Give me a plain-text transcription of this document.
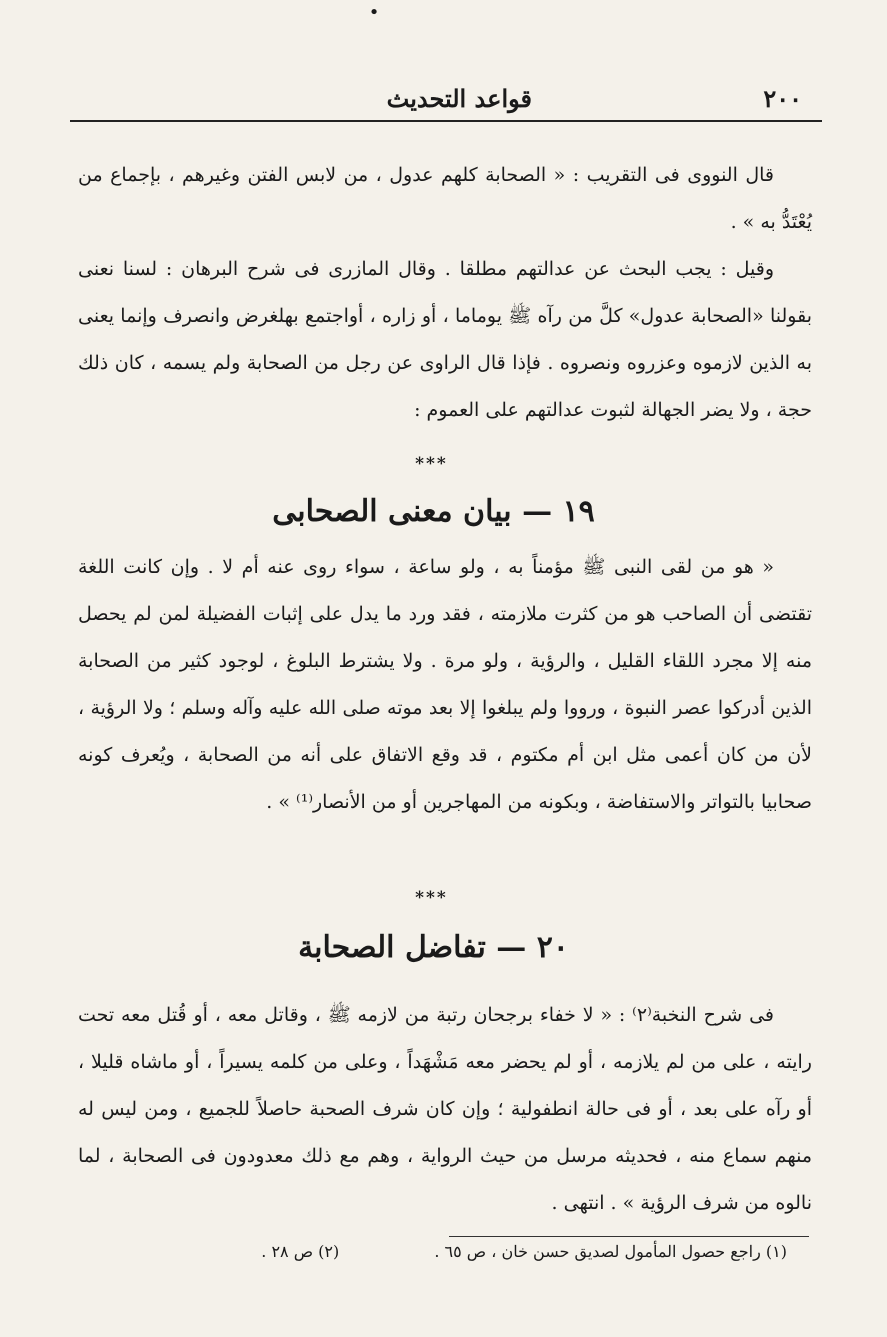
•
٢٠٠
قواعد التحديث
قال النووى فى التقريب : « الصحابة كلهم عدول ، من لابس الفتن وغيرهم ، بإجماع من يُعْتَدُّ به » .
وقيل : يجب البحث عن عدالتهم مطلقا . وقال المازرى فى شرح البرهان : لسنا نعنى بقولنا «الصحابة عدول» كلَّ من رآه ﷺ يوماما ، أو زاره ، أواجتمع بهلغرض وانصرف وإنما يعنى به الذين لازموه وعزروه ونصروه . فإذا قال الراوى عن رجل من الصحابة ولم يسمه ، كان ذلك حجة ، ولا يضر الجهالة لثبوت عدالتهم على العموم :
***
١٩ — بيان معنى الصحابى
« هو من لقى النبى ﷺ مؤمناً به ، ولو ساعة ، سواء روى عنه أم لا . وإن كانت اللغة تقتضى أن الصاحب هو من كثرت ملازمته ، فقد ورد ما يدل على إثبات الفضيلة لمن لم يحصل منه إلا مجرد اللقاء القليل ، والرؤية ، ولو مرة . ولا يشترط البلوغ ، لوجود كثير من الصحابة الذين أدركوا عصر النبوة ، ورووا ولم يبلغوا إلا بعد موته صلى الله عليه وآله وسلم ؛ ولا الرؤية ، لأن من كان أعمى مثل ابن أم مكتوم ، قد وقع الاتفاق على أنه من الصحابة ، ويُعرف كونه صحابيا بالتواتر والاستفاضة ، وبكونه من المهاجرين أو من الأنصار⁽¹⁾ » .
***
٢٠ — تفاضل الصحابة
فى شرح النخبة⁽٢⁾ : « لا خفاء برجحان رتبة من لازمه ﷺ ، وقاتل معه ، أو قُتل معه تحت رايته ، على من لم يلازمه ، أو لم يحضر معه مَشْهَداً ، وعلى من كلمه يسيراً ، أو ماشاه قليلا ، أو رآه على بعد ، أو فى حالة انطفولية ؛ وإن كان شرف الصحبة حاصلاً للجميع ، ومن ليس له منهم سماع منه ، فحديثه مرسل من حيث الرواية ، وهم مع ذلك معدودون فى الصحابة ، لما نالوه من شرف الرؤية » . انتهى .
(١) راجع حصول المأمول لصديق حسن خان ، ص ٦٥ . (٢) ص ٢٨ .
